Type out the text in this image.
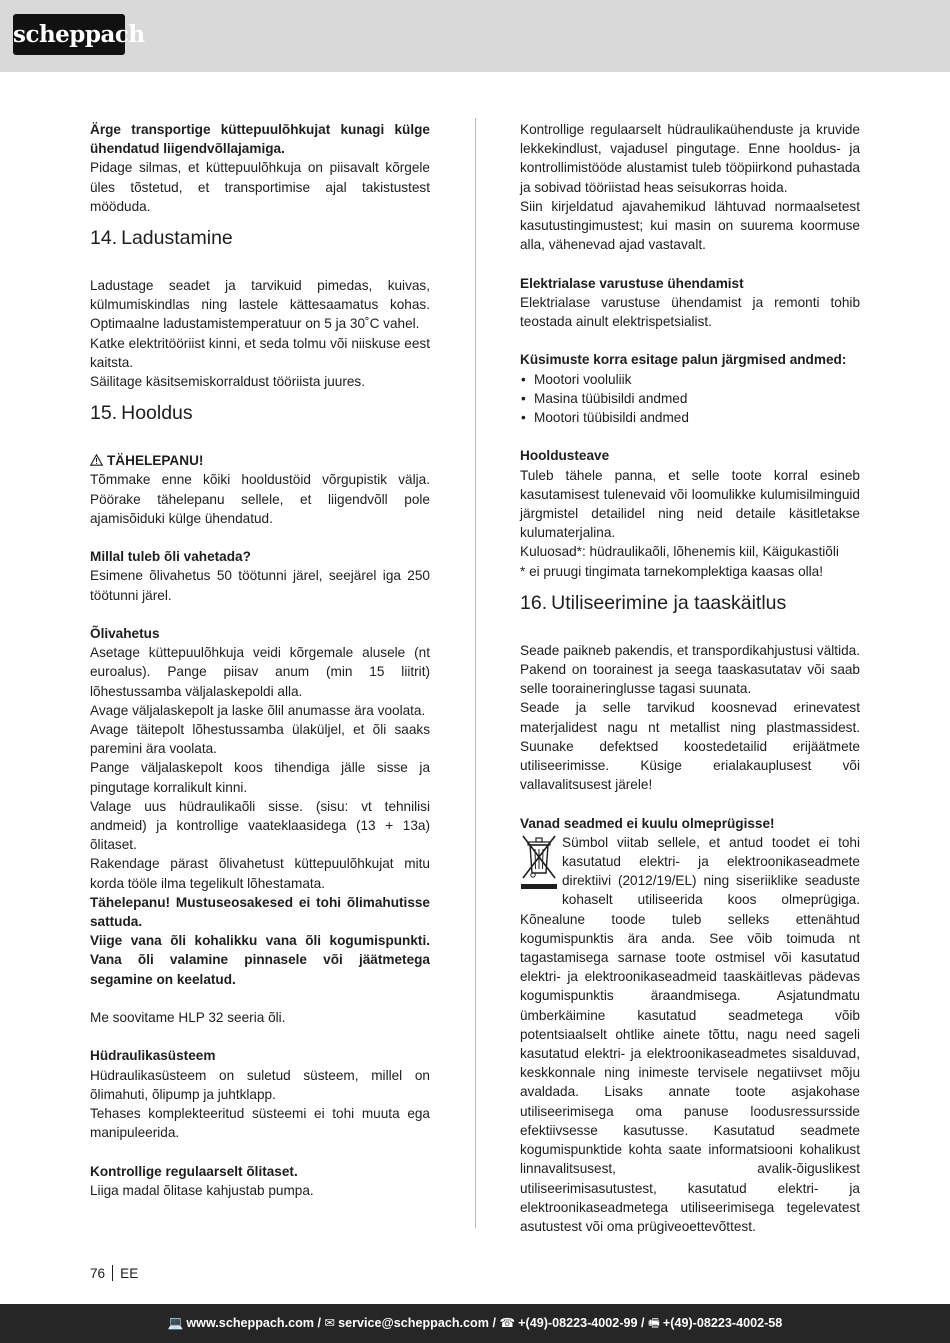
scheppach

Ärge transportige küttepuulõhkujat kunagi külge ühendatud liigendvõllajamiga.

Pidage silmas, et küttepuulõhkuja on piisavalt kõrgele üles tõstetud, et transportimise ajal takistustest mööduda.

14. Ladustamine

Ladustage seadet ja tarvikuid pimedas, kuivas, külmumiskindlas ning lastele kättesaamatus kohas. Optimaalne ladustamistemperatuur on 5 ja 30˚C vahel.

Katke elektritööriist kinni, et seda tolmu või niiskuse eest kaitsta.

Säilitage käsitsemiskorraldust tööriista juures.

15. Hooldus

TÄHELEPANU!

Tõmmake enne kõiki hooldustöid võrgupistik välja. Pöörake tähelepanu sellele, et liigendvõll pole ajamisõiduki külge ühendatud.

Millal tuleb õli vahetada?

Esimene õlivahetus 50 töötunni järel, seejärel iga 250 töötunni järel.

Õlivahetus

Asetage küttepuulõhkuja veidi kõrgemale alusele (nt euroalus). Pange piisav anum (min 15 liitrit) lõhestussamba väljalaskepoldi alla.

Avage väljalaskepolt ja laske õlil anumasse ära voolata.

Avage täitepolt lõhestussamba ülaküljel, et õli saaks paremini ära voolata.

Pange väljalaskepolt koos tihendiga jälle sisse ja pingutage korralikult kinni.

Valage uus hüdraulikaõli sisse. (sisu: vt tehnilisi andmeid) ja kontrollige vaateklaasidega (13 + 13a) õlitaset.

Rakendage pärast õlivahetust küttepuulõhkujat mitu korda tööle ilma tegelikult lõhestamata.

Tähelepanu! Mustuseosakesed ei tohi õlimahutisse sattuda.

Viige vana õli kohalikku vana õli kogumispunkti. Vana õli valamine pinnasele või jäätmetega segamine on keelatud.

Me soovitame HLP 32 seeria õli.

Hüdraulikasüsteem

Hüdraulikasüsteem on suletud süsteem, millel on õlimahuti, õlipump ja juhtklapp.

Tehases komplekteeritud süsteemi ei tohi muuta ega manipuleerida.

Kontrollige regulaarselt õlitaset.

Liiga madal õlitase kahjustab pumpa.

Kontrollige regulaarselt hüdraulikaühenduste ja kruvide lekkekindlust, vajadusel pingutage. Enne hooldus- ja kontrollimistööde alustamist tuleb tööpiirkond puhastada ja sobivad tööriistad heas seisukorras hoida.

Siin kirjeldatud ajavahemikud lähtuvad normaalsetest kasutustingimustest; kui masin on suurema koormuse alla, vähenevad ajad vastavalt.

Elektrialase varustuse ühendamist

Elektrialase varustuse ühendamist ja remonti tohib teostada ainult elektrispetsialist.

Küsimuste korra esitage palun järgmised andmed:

• Mootori vooluliik
• Masina tüübisildi andmed
• Mootori tüübisildi andmed

Hooldusteave

Tuleb tähele panna, et selle toote korral esineb kasutamisest tulenevaid või loomulikke kulumisilminguid järgmistel detailidel ning neid detaile käsitletakse kulumaterjalina.

Kuluosad*: hüdraulikaõli, lõhenemis kiil, Käigukastiõli

* ei pruugi tingimata tarnekomplektiga kaasas olla!

16. Utiliseerimine ja taaskäitlus

Seade paikneb pakendis, et transpordikahjustusi vältida. Pakend on toorainest ja seega taaskasutatav või saab selle tooraineringlusse tagasi suunata.

Seade ja selle tarvikud koosnevad erinevatest materjalidest nagu nt metallist ning plastmassidest. Suunake defektsed koostedetailid erijäätmete utiliseerimisse. Küsige erialakauplusest või vallavalitsusest järele!

Vanad seadmed ei kuulu olmeprügisse!

Sümbol viitab sellele, et antud toodet ei tohi kasutatud elektri- ja elektroonikaseadmete direktiivi (2012/19/EL) ning siseriiklike seaduste kohaselt utiliseerida koos olmeprügiga. Kõnealune toode tuleb selleks ettenähtud kogumispunktis ära anda. See võib toimuda nt tagastamisega sarnase toote ostmisel või kasutatud elektri- ja elektroonikaseadmeid taaskäitlevas pädevas kogumispunktis äraandmisega. Asjatundmatu ümberkäimine kasutatud seadmetega võib potentsiaalselt ohtlike ainete tõttu, nagu need sageli kasutatud elektri- ja elektroonikaseadmetes sisalduvad, keskkonnale ning inimeste tervisele negatiivset mõju avaldada. Lisaks annate toote asjakohase utiliseerimisega oma panuse loodusressursside efektiivsesse kasutusse. Kasutatud seadmete kogumispunktide kohta saate informatsiooni kohalikust linnavalitsusest, avalik-õiguslikest utiliseerimisasutustest, kasutatud elektri- ja elektroonikaseadmetega utiliseerimisega tegelevatest asutustest või oma prügiveoettevõttest.

76 EE
💻 www.scheppach.com / ✉ service@scheppach.com / ☎ +(49)-08223-4002-99 / 🖷 +(49)-08223-4002-58
